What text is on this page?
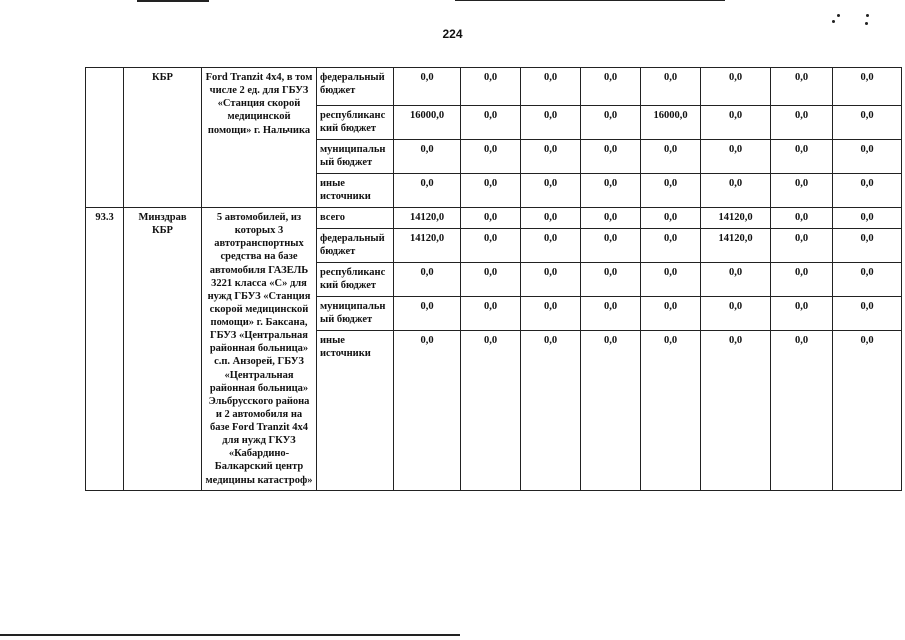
224
	КБР	Ford Tranzit 4x4, в том числе 2 ед. для ГБУЗ «Станция скорой медицинской помощи» г. Нальчика	федеральный бюджет	0,0	0,0	0,0	0,0	0,0	0,0	0,0	0,0
			республиканс кий бюджет	16000,0	0,0	0,0	0,0	16000,0	0,0	0,0	0,0
			муниципальн ый бюджет	0,0	0,0	0,0	0,0	0,0	0,0	0,0	0,0
			иные источники	0,0	0,0	0,0	0,0	0,0	0,0	0,0	0,0
93.3	Минздрав КБР	5 автомобилей, из которых 3 автотранспортных средства на базе автомобиля ГАЗЕЛЬ 3221 класса «С» для нужд ГБУЗ «Станция скорой медицинской помощи» г. Баксана, ГБУЗ «Центральная районная больница» с.п. Анзорей, ГБУЗ «Центральная районная больница» Эльбрусского района и 2 автомобиля на базе Ford Tranzit 4x4 для нужд ГКУЗ «Кабардино-Балкарский центр медицины катастроф»	всего	14120,0	0,0	0,0	0,0	0,0	14120,0	0,0	0,0
			федеральный бюджет	14120,0	0,0	0,0	0,0	0,0	14120,0	0,0	0,0
			республиканс кий бюджет	0,0	0,0	0,0	0,0	0,0	0,0	0,0	0,0
			муниципальн ый бюджет	0,0	0,0	0,0	0,0	0,0	0,0	0,0	0,0
			иные источники	0,0	0,0	0,0	0,0	0,0	0,0	0,0	0,0
